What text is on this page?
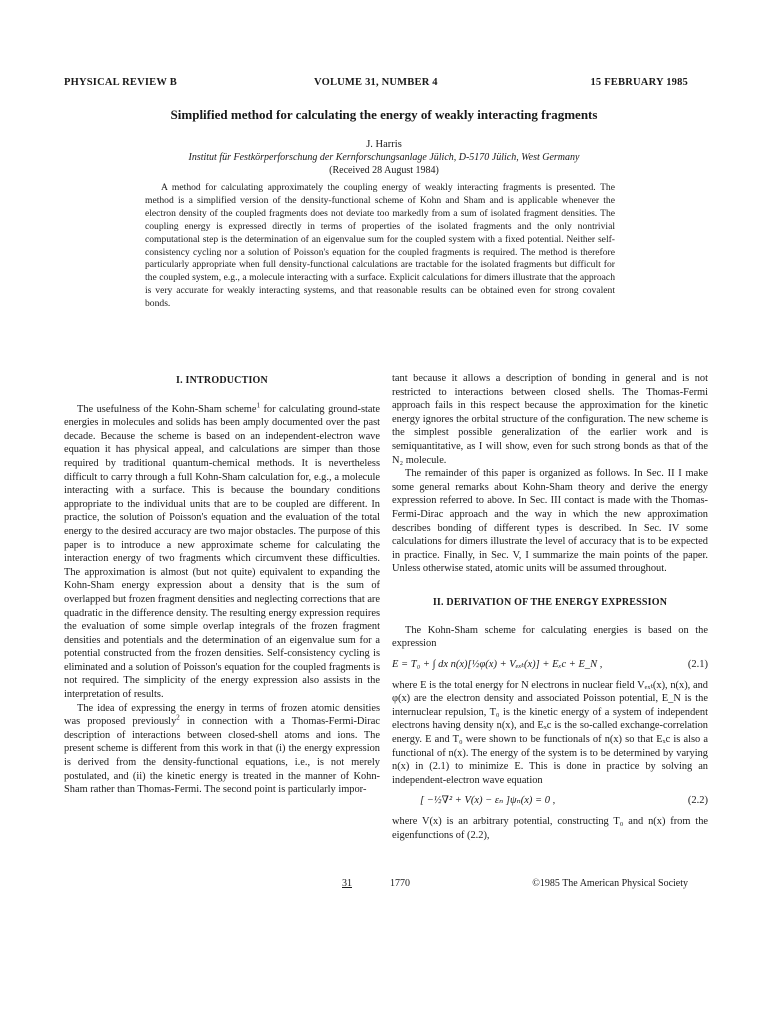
PHYSICAL REVIEW B	VOLUME 31, NUMBER 4	15 FEBRUARY 1985
Simplified method for calculating the energy of weakly interacting fragments
J. Harris
Institut für Festkörperforschung der Kernforschungsanlage Jülich, D-5170 Jülich, West Germany
(Received 28 August 1984)
A method for calculating approximately the coupling energy of weakly interacting fragments is presented. The method is a simplified version of the density-functional scheme of Kohn and Sham and is applicable whenever the electron density of the coupled fragments does not deviate too markedly from a sum of isolated fragment densities. The coupling energy is expressed directly in terms of properties of the isolated fragments and the only nontrivial computational step is the determination of an eigenvalue sum for the coupled system with a fixed potential. Neither self-consistency cycling nor a solution of Poisson's equation for the coupled fragments is required. The method is therefore particularly appropriate when full density-functional calculations are tractable for the isolated fragments but difficult for the coupled system, e.g., a molecule interacting with a surface. Explicit calculations for dimers illustrate that the approach is very accurate for weakly interacting systems, and that reasonable results can be obtained even for strong covalent bonds.
I. INTRODUCTION

The usefulness of the Kohn-Sham scheme$^1$ for calculating ground-state energies in molecules and solids has been amply documented over the past decade. Because the scheme is based on an independent-electron wave equation it has physical appeal, and calculations are simper than those required by traditional quantum-chemical methods. It is nevertheless difficult to carry through a full Kohn-Sham calculation for, e.g., a molecule interacting with a surface. This is because the boundary conditions appropriate to the individual units that are to be coupled are different. In practice, the solution of Poisson's equation and the evaluation of the total energy to the desired accuracy are two major obstacles. The purpose of this paper is to introduce a new approximate scheme for calculating the interaction energy of two fragments which circumvent these difficulties. The approximation is almost (but not quite) equivalent to expanding the Kohn-Sham energy expression about a density that is the sum of overlapped but frozen fragment densities and neglecting corrections that are quadratic in the difference density. The resulting energy expression requires the evaluation of some simple overlap integrals of the frozen fragment densities and potentials and the determination of an eigenvalue sum for a potential constructed from the frozen densities. Self-consistency cycling is eliminated and a solution of Poisson's equation for the coupled fragments is not required. The simplicity of the energy expression also assists in the interpretation of results.

The idea of expressing the energy in terms of frozen atomic densities was proposed previously$^2$ in connection with a Thomas-Fermi-Dirac description of interactions between closed-shell atoms and ions. The present scheme is different from this work in that (i) the energy expression is derived from the density-functional equations, i.e., is not merely postulated, and (ii) the kinetic energy is treated in the manner of Kohn-Sham rather than Thomas-Fermi. The second point is particularly impor-

tant because it allows a description of bonding in general and is not restricted to interactions between closed shells. The Thomas-Fermi approach fails in this respect because the approximation for the kinetic energy ignores the orbital structure of the configuration. The new scheme is the simplest possible generalization of the earlier work and is semiquantitative, as I will show, even for such strong bonds as that of the N₂ molecule.

The remainder of this paper is organized as follows. In Sec. II I make some general remarks about Kohn-Sham theory and derive the energy expression referred to above. In Sec. III contact is made with the Thomas-Fermi-Dirac approach and the way in which the new approximation describes bonding of different types is described. In Sec. IV some calculations for dimers illustrate the level of accuracy that is to be expected in practice. Finally, in Sec. V, I summarize the main points of the paper. Unless otherwise stated, atomic units will be assumed throughout.

II. DERIVATION OF THE ENERGY EXPRESSION

The Kohn-Sham scheme for calculating energies is based on the expression

E = T₀ + ∫ dx n(x)[½φ(x) + Vₑₓₜ(x)] + Eₓc + E_N ,	(2.1)

where E is the total energy for N electrons in nuclear field Vₑₓₜ(x), n(x), and φ(x) are the electron density and associated Poisson potential, E_N is the internuclear repulsion, T₀ is the kinetic energy of a system of independent electrons having density n(x), and Eₓc is the so-called exchange-correlation energy. E and T₀ were shown to be functionals of n(x) so that Eₓc is also a functional of n(x). The energy of the system is to be determined by varying n(x) in (2.1) to minimize E. This is done in practice by solving an independent-electron wave equation

[ −½∇² + V(x) − εₙ ]ψₙ(x) = 0 ,	(2.2)

where V(x) is an arbitrary potential, constructing T₀ and n(x) from the eigenfunctions of (2.2),

31	1770	©1985 The American Physical Society
